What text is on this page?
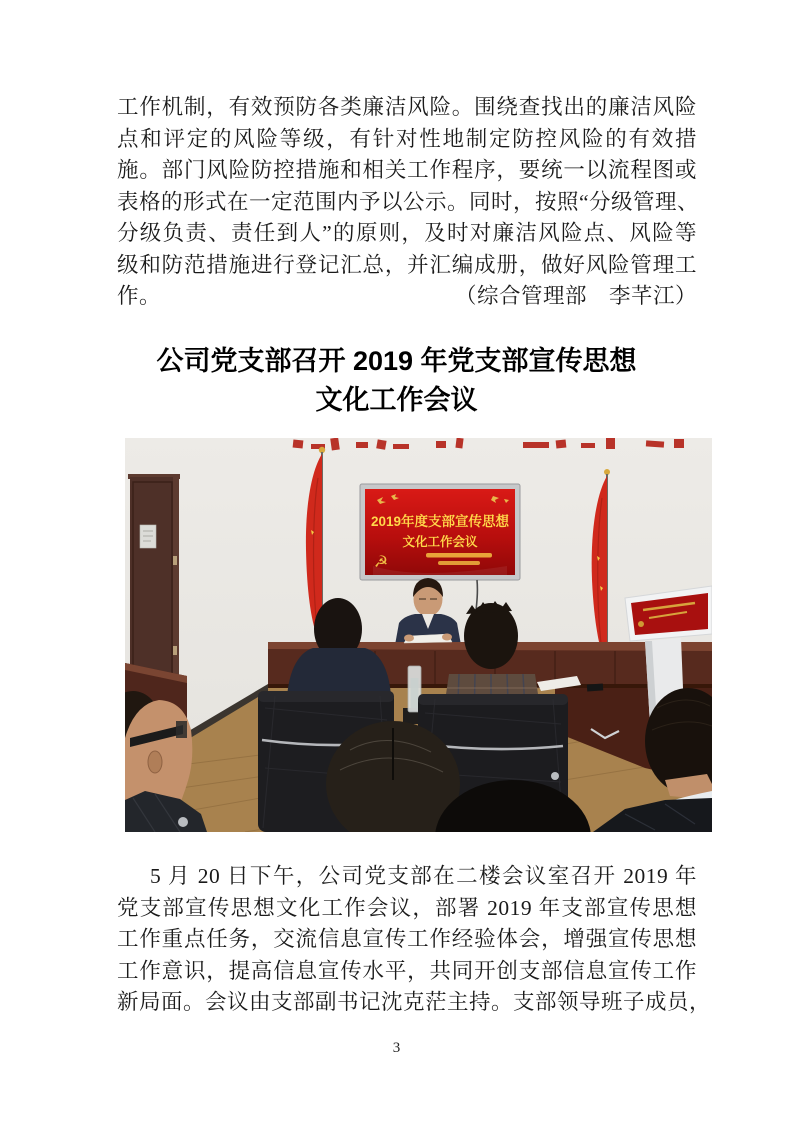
工作机制，有效预防各类廉洁风险。围绕查找出的廉洁风险
点和评定的风险等级，有针对性地制定防控风险的有效措
施。部门风险防控措施和相关工作程序，要统一以流程图或
表格的形式在一定范围内予以公示。同时，按照“分级管理、
分级负责、责任到人”的原则，及时对廉洁风险点、风险等
级和防范措施进行登记汇总，并汇编成册，做好风险管理工
作。	（综合管理部　李芊江）
公司党支部召开 2019 年党支部宣传思想
文化工作会议
2019年度支部宣传思想
文化工作会议
☭
5 月 20 日下午，公司党支部在二楼会议室召开 2019 年
党支部宣传思想文化工作会议，部署 2019 年支部宣传思想
工作重点任务，交流信息宣传工作经验体会，增强宣传思想
工作意识，提高信息宣传水平，共同开创支部信息宣传工作
新局面。会议由支部副书记沈克茫主持。支部领导班子成员，
3
